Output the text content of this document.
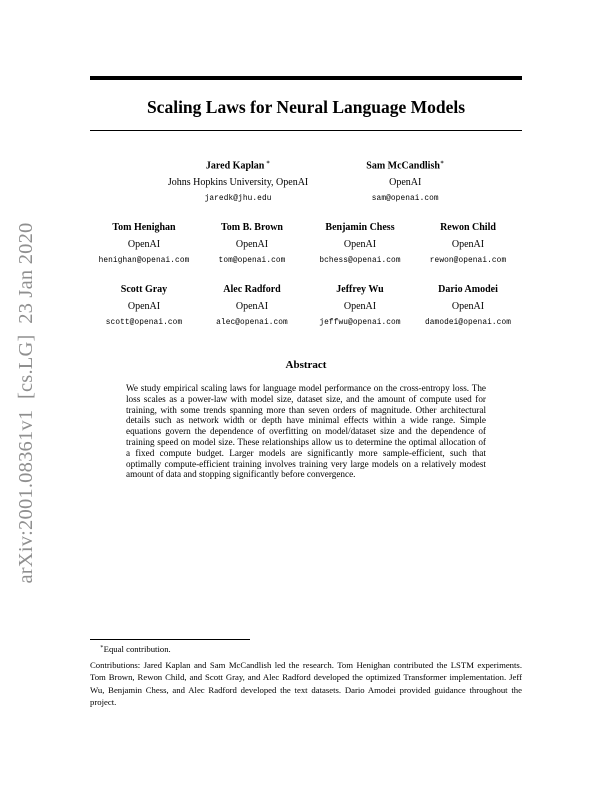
arXiv:2001.08361v1  [cs.LG]  23 Jan 2020
Scaling Laws for Neural Language Models
Jared Kaplan ∗
Johns Hopkins University, OpenAI
jaredk@jhu.edu
Sam McCandlish∗
OpenAI
sam@openai.com
Tom Henighan
OpenAI
henighan@openai.com
Tom B. Brown
OpenAI
tom@openai.com
Benjamin Chess
OpenAI
bchess@openai.com
Rewon Child
OpenAI
rewon@openai.com
Scott Gray
OpenAI
scott@openai.com
Alec Radford
OpenAI
alec@openai.com
Jeffrey Wu
OpenAI
jeffwu@openai.com
Dario Amodei
OpenAI
damodei@openai.com
Abstract

We study empirical scaling laws for language model performance on the cross-entropy loss. The loss scales as a power-law with model size, dataset size, and the amount of compute used for training, with some trends spanning more than seven orders of magnitude. Other architectural details such as network width or depth have minimal effects within a wide range. Simple equations govern the dependence of overfitting on model/dataset size and the dependence of training speed on model size. These relationships allow us to determine the optimal allocation of a fixed compute budget. Larger models are significantly more sample-efficient, such that optimally compute-efficient training involves training very large models on a relatively modest amount of data and stopping significantly before convergence.

∗Equal contribution.

Contributions: Jared Kaplan and Sam McCandlish led the research. Tom Henighan contributed the LSTM experiments. Tom Brown, Rewon Child, and Scott Gray, and Alec Radford developed the optimized Transformer implementation. Jeff Wu, Benjamin Chess, and Alec Radford developed the text datasets. Dario Amodei provided guidance throughout the project.
